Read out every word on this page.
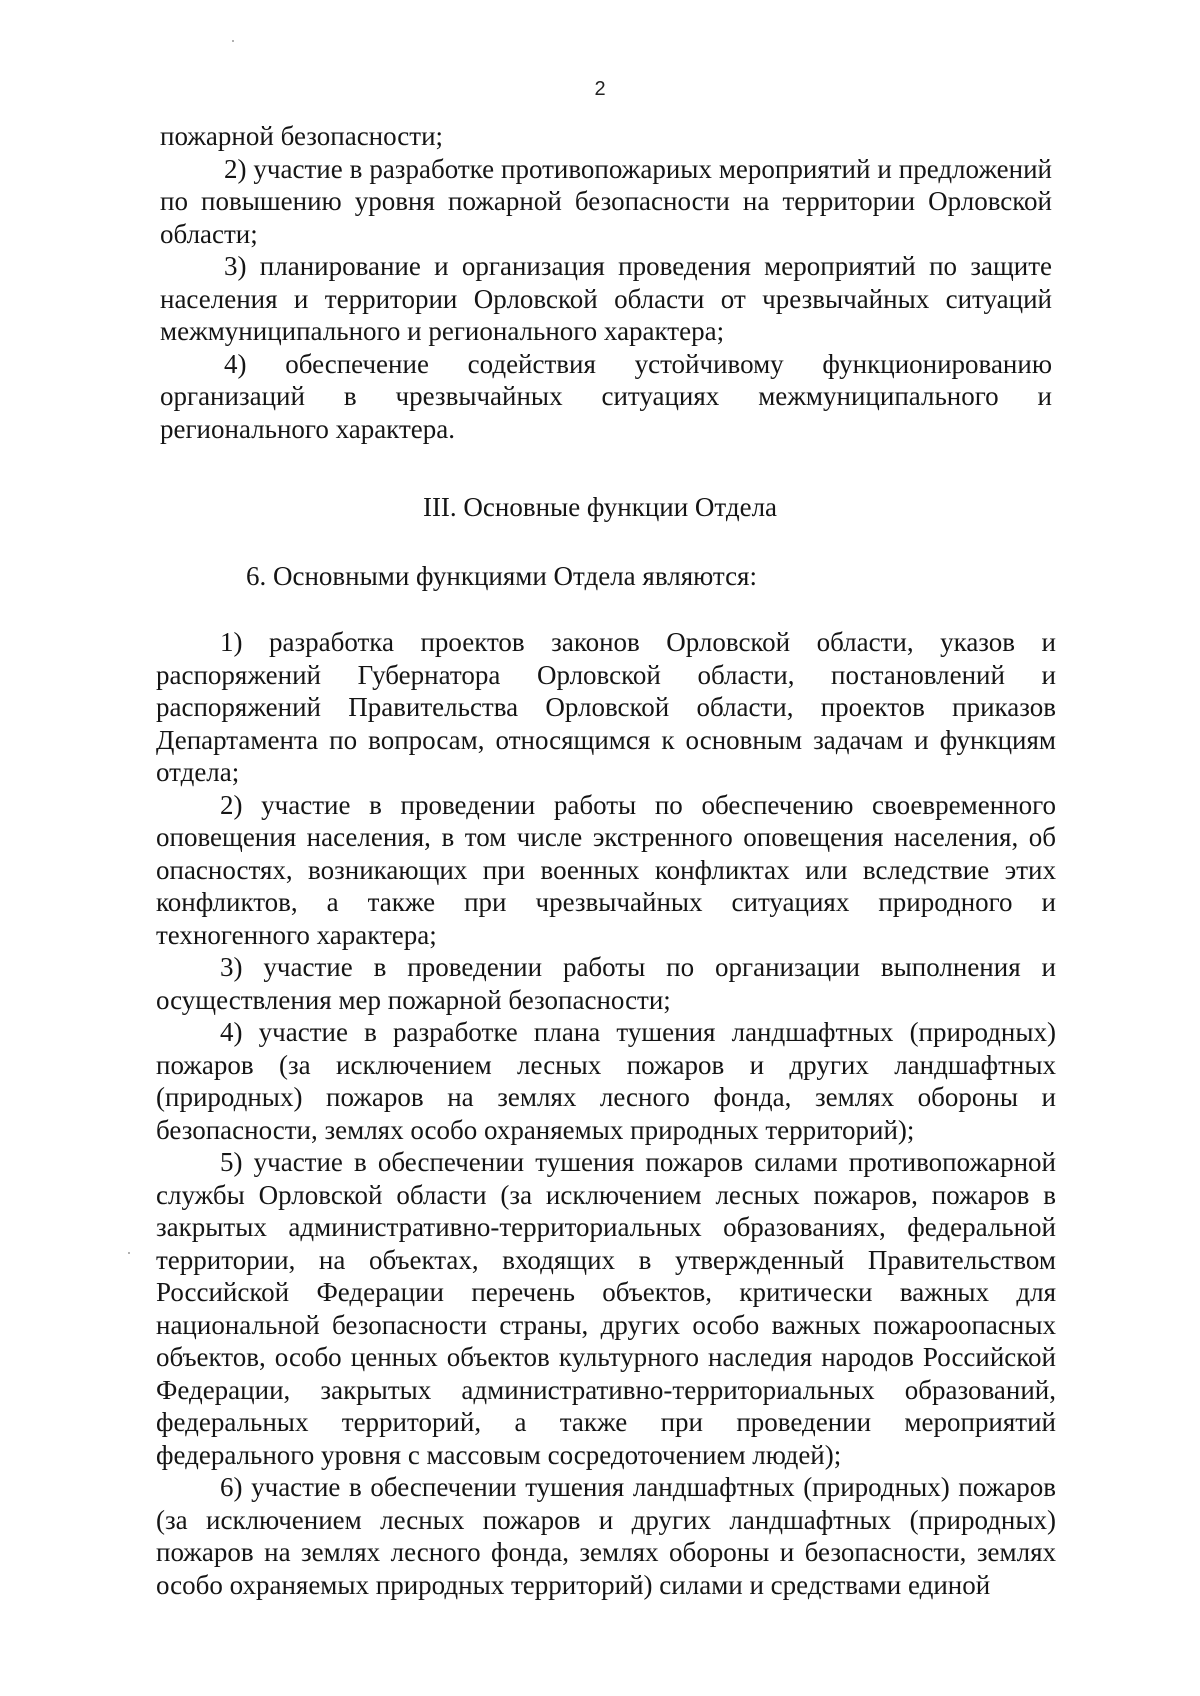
2

пожарной безопасности;

2) участие в разработке противопожариых мероприятий и предложений по повышению уровня пожарной безопасности на территории Орловской области;

3) планирование и организация проведения мероприятий по защите населения и территории Орловской области от чрезвычайных ситуаций межмуниципального и регионального характера;

4) обеспечение содействия устойчивому функционированию организаций в чрезвычайных ситуациях межмуниципального и регионального характера.

III. Основные функции Отдела
6. Основными функциями Отдела являются:

1) разработка проектов законов Орловской области, указов и распоряжений Губернатора Орловской области, постановлений и распоряжений Правительства Орловской области, проектов приказов Департамента по вопросам, относящимся к основным задачам и функциям отдела;

2) участие в проведении работы по обеспечению своевременного оповещения населения, в том числе экстренного оповещения населения, об опасностях, возникающих при военных конфликтах или вследствие этих конфликтов, а также при чрезвычайных ситуациях природного и техногенного характера;

3) участие в проведении работы по организации выполнения и осуществления мер пожарной безопасности;

4) участие в разработке плана тушения ландшафтных (природных) пожаров (за исключением лесных пожаров и других ландшафтных (природных) пожаров на землях лесного фонда, землях обороны и безопасности, землях особо охраняемых природных территорий);

5) участие в обеспечении тушения пожаров силами противопожарной службы Орловской области (за исключением лесных пожаров, пожаров в закрытых административно-территориальных образованиях, федеральной территории, на объектах, входящих в утвержденный Правительством Российской Федерации перечень объектов, критически важных для национальной безопасности страны, других особо важных пожароопасных объектов, особо ценных объектов культурного наследия народов Российской Федерации, закрытых административно-территориальных образований, федеральных территорий, а также при проведении мероприятий федерального уровня с массовым сосредоточением людей);

6) участие в обеспечении тушения ландшафтных (природных) пожаров (за исключением лесных пожаров и других ландшафтных (природных) пожаров на землях лесного фонда, землях обороны и безопасности, землях особо охраняемых природных территорий) силами и средствами единой
